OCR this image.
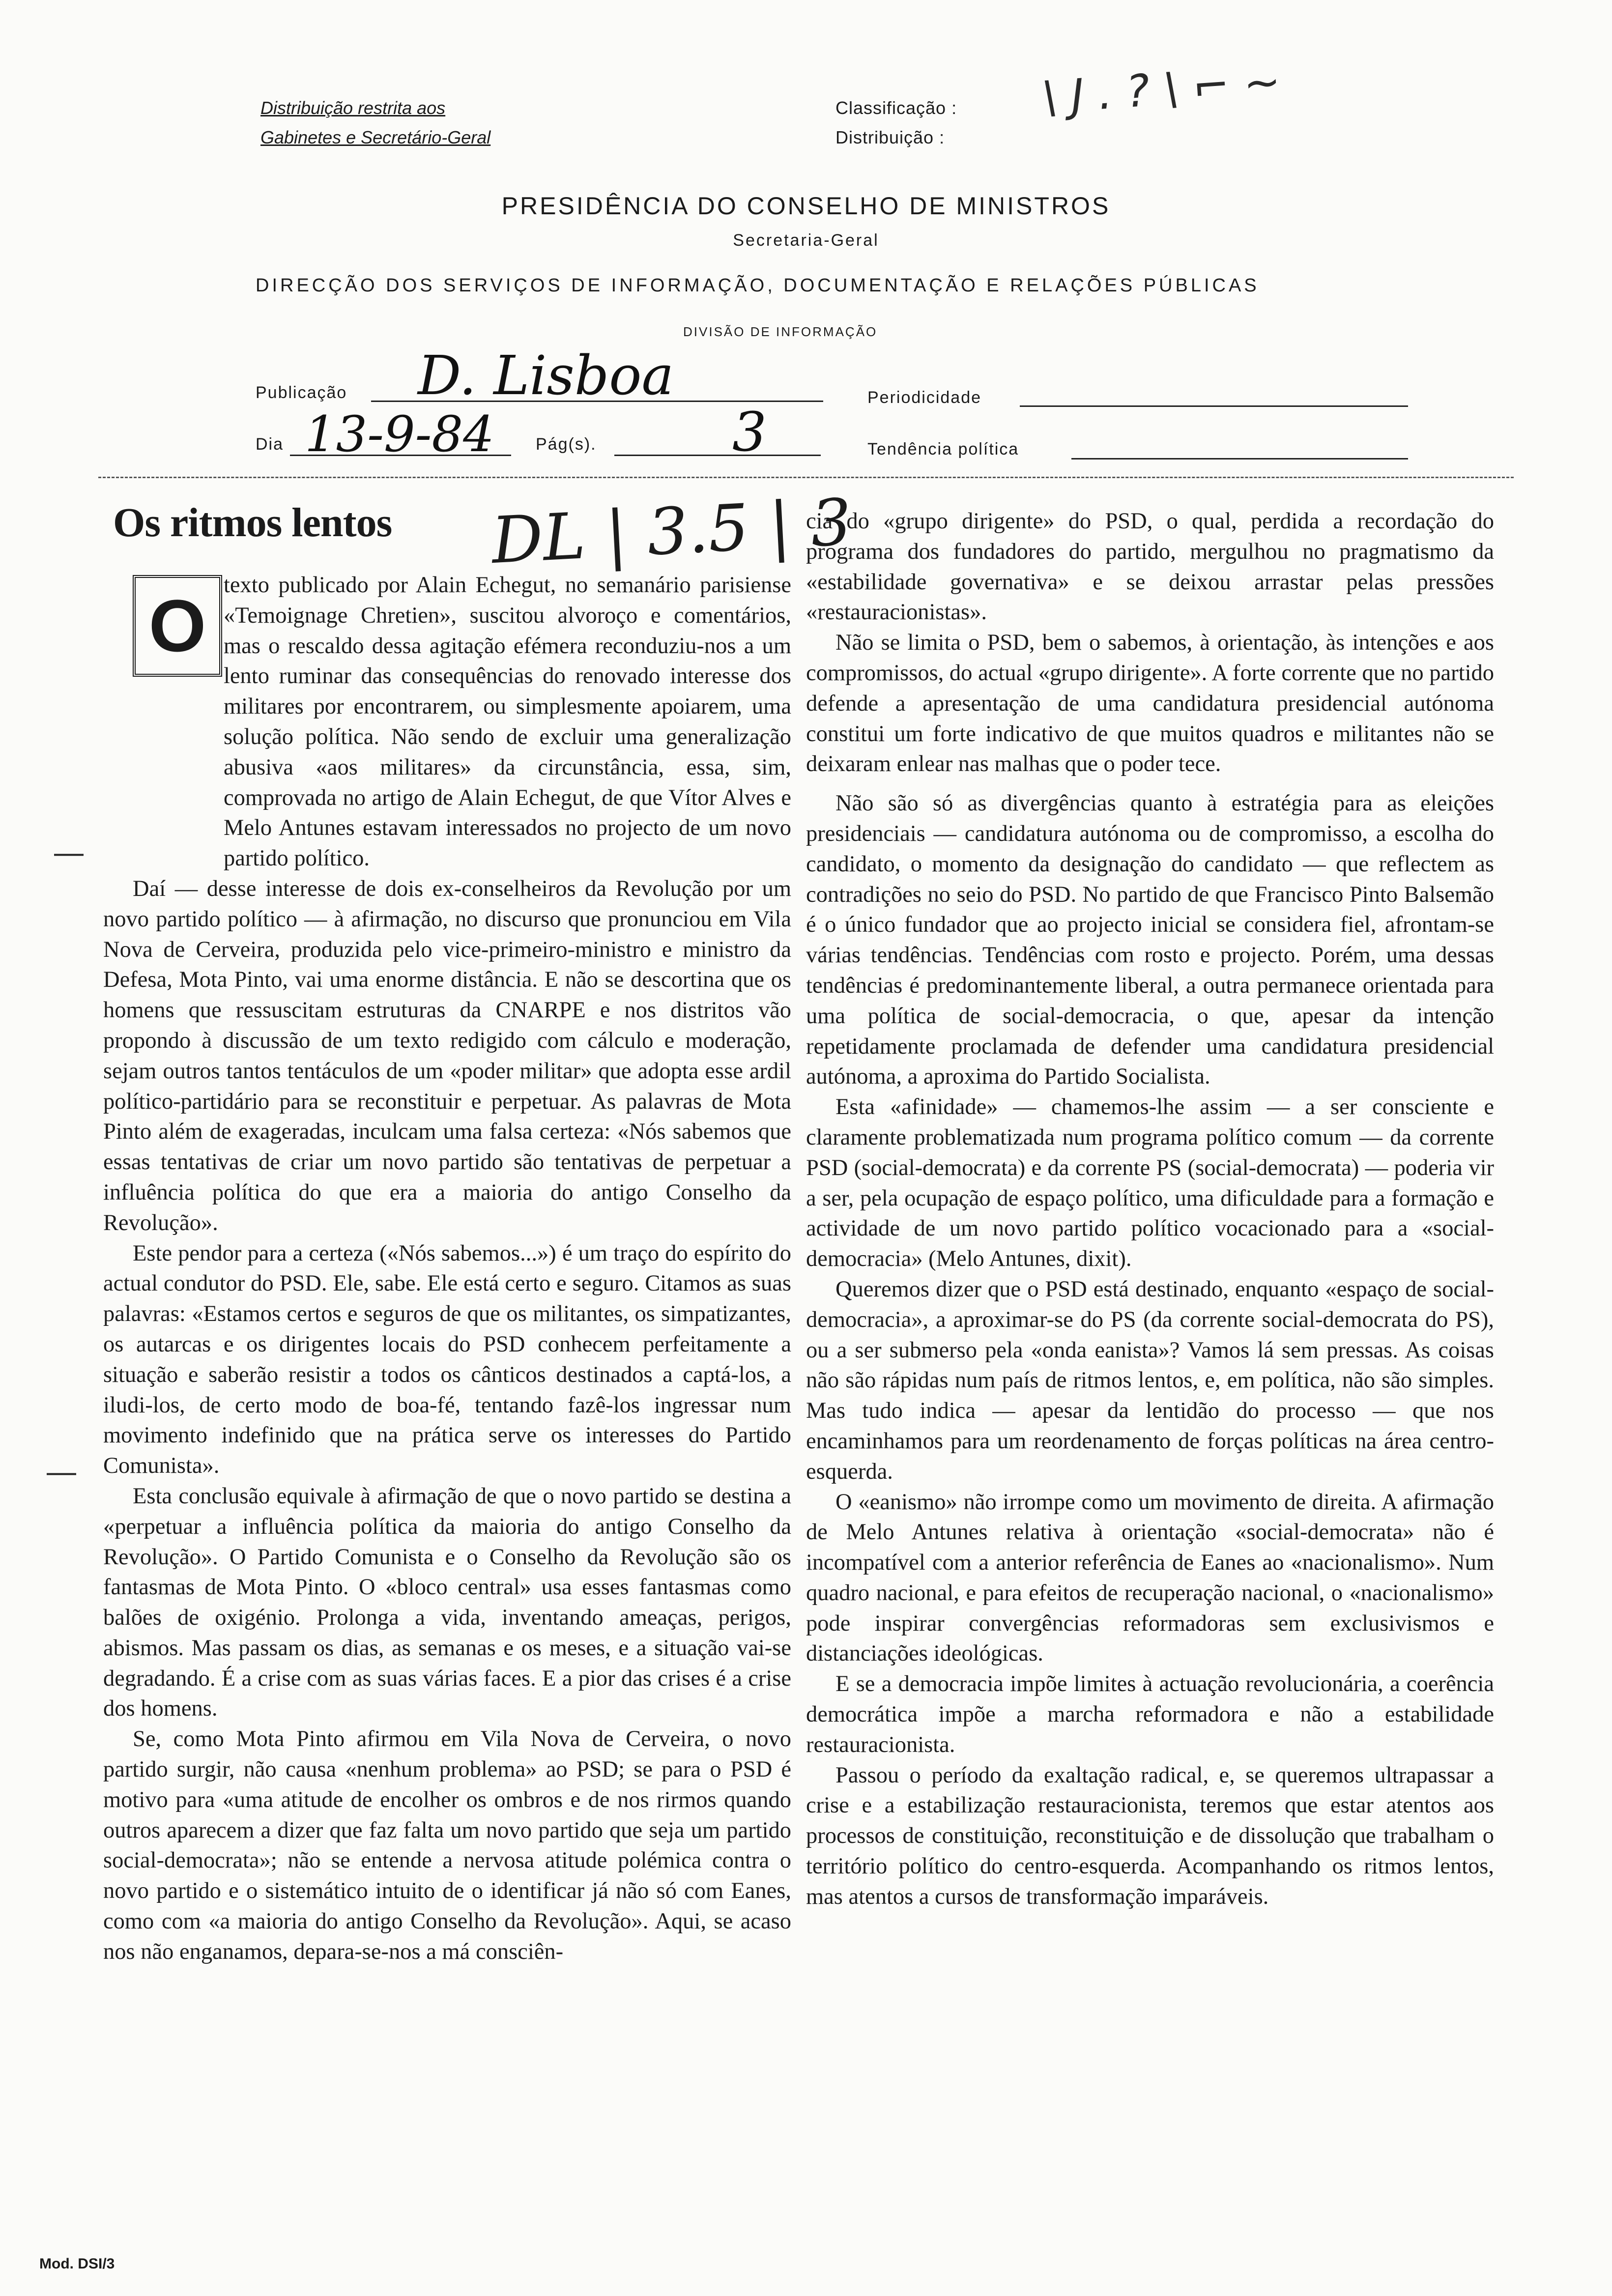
Distribuição restrita aos
Gabinetes e Secretário-Geral
Classificação :
Distribuição :
\ J . ? \ ⌐ ~
PRESIDÊNCIA DO CONSELHO DE MINISTROS
Secretaria-Geral
DIRECÇÃO DOS SERVIÇOS DE INFORMAÇÃO, DOCUMENTAÇÃO E RELAÇÕES PÚBLICAS
DIVISÃO DE INFORMAÇÃO
Publicação D. Lisboa	Periodicidade
Dia 13-9-84 Pág(s).	3	Tendência política
Os ritmos lentos DL | 3.5 | 3
O texto publicado por Alain Echegut, no semanário parisiense «Temoignage Chretien», suscitou alvoroço e comentários, mas o rescaldo dessa agitação efémera reconduziu-nos a um lento ruminar das consequências do renovado interesse dos militares por encontrarem, ou simplesmente apoiarem, uma solução política. Não sendo de excluir uma generalização abusiva «aos militares» da circunstância, essa, sim, comprovada no artigo de Alain Echegut, de que Vítor Alves e Melo Antunes estavam interessados no projecto de um novo partido político.

Daí — desse interesse de dois ex-conselheiros da Revolução por um novo partido político — à afirmação, no discurso que pronunciou em Vila Nova de Cerveira, produzida pelo vice-primeiro-ministro e ministro da Defesa, Mota Pinto, vai uma enorme distância. E não se descortina que os homens que ressuscitam estruturas da CNARPE e nos distritos vão propondo à discussão de um texto redigido com cálculo e moderação, sejam outros tantos tentáculos de um «poder militar» que adopta esse ardil político-partidário para se reconstituir e perpetuar. As palavras de Mota Pinto além de exageradas, inculcam uma falsa certeza: «Nós sabemos que essas tentativas de criar um novo partido são tentativas de perpetuar a influência política do que era a maioria do antigo Conselho da Revolução».

Este pendor para a certeza («Nós sabemos...») é um traço do espírito do actual condutor do PSD. Ele, sabe. Ele está certo e seguro. Citamos as suas palavras: «Estamos certos e seguros de que os militantes, os simpatizantes, os autarcas e os dirigentes locais do PSD conhecem perfeitamente a situação e saberão resistir a todos os cânticos destinados a captá-los, a iludi-los, de certo modo de boa-fé, tentando fazê-los ingressar num movimento indefinido que na prática serve os interesses do Partido Comunista».

Esta conclusão equivale à afirmação de que o novo partido se destina a «perpetuar a influência política da maioria do antigo Conselho da Revolução». O Partido Comunista e o Conselho da Revolução são os fantasmas de Mota Pinto. O «bloco central» usa esses fantasmas como balões de oxigénio. Prolonga a vida, inventando ameaças, perigos, abismos. Mas passam os dias, as semanas e os meses, e a situação vai-se degradando. É a crise com as suas várias faces. E a pior das crises é a crise dos homens.

Se, como Mota Pinto afirmou em Vila Nova de Cerveira, o novo partido surgir, não causa «nenhum problema» ao PSD; se para o PSD é motivo para «uma atitude de encolher os ombros e de nos rirmos quando outros aparecem a dizer que faz falta um novo partido que seja um partido social-democrata»; não se entende a nervosa atitude polémica contra o novo partido e o sistemático intuito de o identificar já não só com Eanes, como com «a maioria do antigo Conselho da Revolução». Aqui, se acaso nos não enganamos, depara-se-nos a má consciên-

cia do «grupo dirigente» do PSD, o qual, perdida a recordação do programa dos fundadores do partido, mergulhou no pragmatismo da «estabilidade governativa» e se deixou arrastar pelas pressões «restauracionistas».

Não se limita o PSD, bem o sabemos, à orientação, às intenções e aos compromissos, do actual «grupo dirigente». A forte corrente que no partido defende a apresentação de uma candidatura presidencial autónoma constitui um forte indicativo de que muitos quadros e militantes não se deixaram enlear nas malhas que o poder tece.

Não são só as divergências quanto à estratégia para as eleições presidenciais — candidatura autónoma ou de compromisso, a escolha do candidato, o momento da designação do candidato — que reflectem as contradições no seio do PSD. No partido de que Francisco Pinto Balsemão é o único fundador que ao projecto inicial se considera fiel, afrontam-se várias tendências. Tendências com rosto e projecto. Porém, uma dessas tendências é predominantemente liberal, a outra permanece orientada para uma política de social-democracia, o que, apesar da intenção repetidamente proclamada de defender uma candidatura presidencial autónoma, a aproxima do Partido Socialista.

Esta «afinidade» — chamemos-lhe assim — a ser consciente e claramente problematizada num programa político comum — da corrente PSD (social-democrata) e da corrente PS (social-democrata) — poderia vir a ser, pela ocupação de espaço político, uma dificuldade para a formação e actividade de um novo partido político vocacionado para a «social-democracia» (Melo Antunes, dixit).

Queremos dizer que o PSD está destinado, enquanto «espaço de social-democracia», a aproximar-se do PS (da corrente social-democrata do PS), ou a ser submerso pela «onda eanista»? Vamos lá sem pressas. As coisas não são rápidas num país de ritmos lentos, e, em política, não são simples. Mas tudo indica — apesar da lentidão do processo — que nos encaminhamos para um reordenamento de forças políticas na área centro-esquerda.

O «eanismo» não irrompe como um movimento de direita. A afirmação de Melo Antunes relativa à orientação «social-democrata» não é incompatível com a anterior referência de Eanes ao «nacionalismo». Num quadro nacional, e para efeitos de recuperação nacional, o «nacionalismo» pode inspirar convergências reformadoras sem exclusivismos e distanciações ideológicas.

E se a democracia impõe limites à actuação revolucionária, a coerência democrática impõe a marcha reformadora e não a estabilidade restauracionista.

Passou o período da exaltação radical, e, se queremos ultrapassar a crise e a estabilização restauracionista, teremos que estar atentos aos processos de constituição, reconstituição e de dissolução que trabalham o território político do centro-esquerda. Acompanhando os ritmos lentos, mas atentos a cursos de transformação imparáveis.

—
—
Mod. DSI/3
